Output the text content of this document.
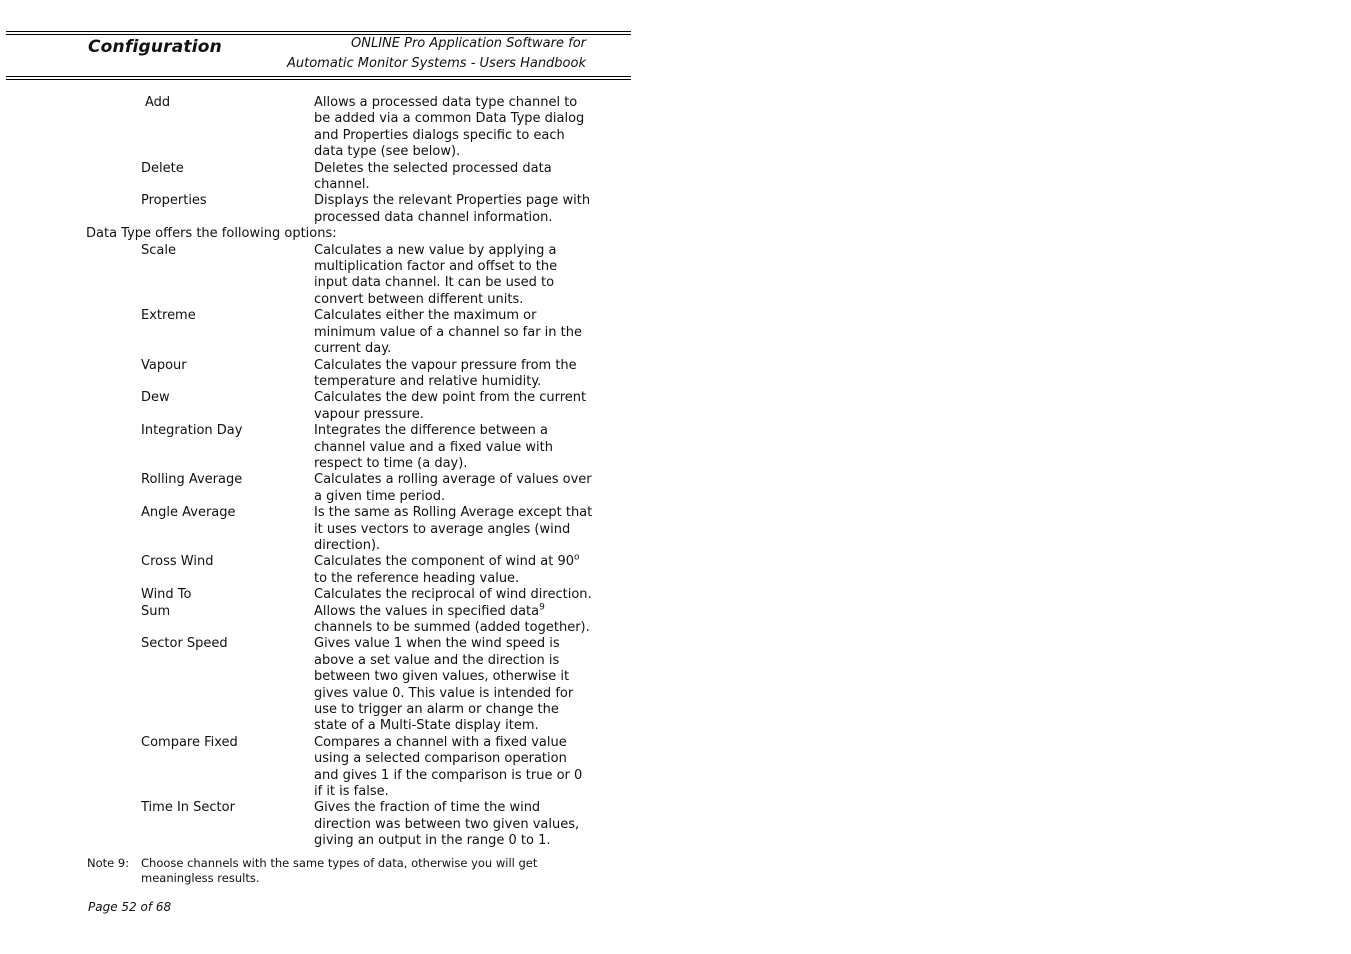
Configuration	ONLINE Pro Application Software for
Automatic Monitor Systems - Users Handbook
Add	Allows a processed data type channel to
be added via a common Data Type dialog
and Properties dialogs specific to each
data type (see below).
Delete	Deletes the selected processed data
channel.
Properties	Displays the relevant Properties page with
processed data channel information.
Data Type offers the following options:
Scale	Calculates a new value by applying a
multiplication factor and offset to the
input data channel. It can be used to
convert between different units.
Extreme	Calculates either the maximum or
minimum value of a channel so far in the
current day.
Vapour	Calculates the vapour pressure from the
temperature and relative humidity.
Dew	Calculates the dew point from the current
vapour pressure.
Integration Day	Integrates the difference between a
channel value and a fixed value with
respect to time (a day).
Rolling Average	Calculates a rolling average of values over
a given time period.
Angle Average	Is the same as Rolling Average except that
it uses vectors to average angles (wind
direction).
Cross Wind	Calculates the component of wind at 90$^o$
to the reference heading value.
Wind To	Calculates the reciprocal of wind direction.
Sum	Allows the values in specified data$^9$
channels to be summed (added together).
Sector Speed	Gives value 1 when the wind speed is
above a set value and the direction is
between two given values, otherwise it
gives value 0. This value is intended for
use to trigger an alarm or change the
state of a Multi-State display item.
Compare Fixed	Compares a channel with a fixed value
using a selected comparison operation
and gives 1 if the comparison is true or 0
if it is false.
Time In Sector	Gives the fraction of time the wind
direction was between two given values,
giving an output in the range 0 to 1.
Note 9:	Choose channels with the same types of data, otherwise you will get
meaningless results.
Page 52 of 68
